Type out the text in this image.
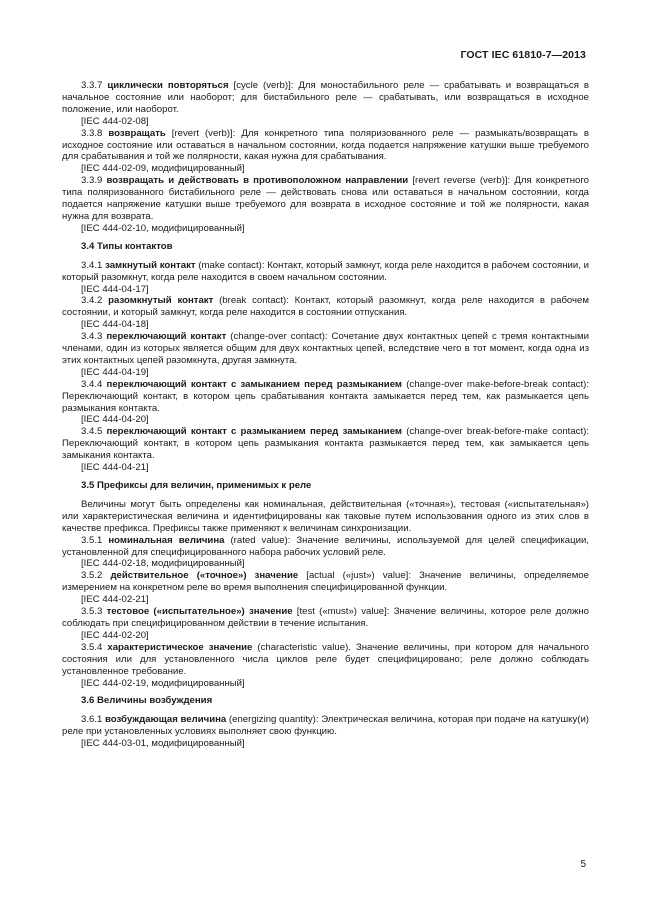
ГОСТ IEC 61810-7—2013

3.3.7 циклически повторяться [cycle (verb)]: Для моностабильного реле — срабатывать и возвращаться в начальное состояние или наоборот; для бистабильного реле — срабатывать, или возвращаться в исходное положение, или наоборот.

[IEC 444-02-08]

3.3.8 возвращать [revert (verb)]: Для конкретного типа поляризованного реле — размыкать/возвращать в исходное состояние или оставаться в начальном состоянии, когда подается напряжение катушки выше требуемого для срабатывания и той же полярности, какая нужна для срабатывания.

[IEC 444-02-09, модифицированный]

3.3.9 возвращать и действовать в противоположном направлении [revert reverse (verb)]: Для конкретного типа поляризованного бистабильного реле — действовать снова или оставаться в начальном состоянии, когда подается напряжение катушки выше требуемого для возврата в исходное состояние и той же полярности, какая нужна для возврата.

[IEC 444-02-10, модифицированный]

3.4 Типы контактов

3.4.1 замкнутый контакт (make contact): Контакт, который замкнут, когда реле находится в рабочем состоянии, и который разомкнут, когда реле находится в своем начальном состоянии.

[IEC 444-04-17]

3.4.2 разомкнутый контакт (break contact): Контакт, который разомкнут, когда реле находится в рабочем состоянии, и который замкнут, когда реле находится в состоянии отпускания.

[IEC 444-04-18]

3.4.3 переключающий контакт (change-over contact): Сочетание двух контактных цепей с тремя контактными членами, один из которых является общим для двух контактных цепей, вследствие чего в тот момент, когда одна из этих контактных цепей разомкнута, другая замкнута.

[IEC 444-04-19]

3.4.4 переключающий контакт с замыканием перед размыканием (change-over make-before-break contact): Переключающий контакт, в котором цепь срабатывания контакта замыкается перед тем, как размыкается цепь размыкания контакта.

[IEC 444-04-20]

3.4.5 переключающий контакт с размыканием перед замыканием (change-over break-before-make contact): Переключающий контакт, в котором цепь размыкания контакта размыкается перед тем, как замыкается цепь замыкания контакта.

[IEC 444-04-21]

3.5 Префиксы для величин, применимых к реле

Величины могут быть определены как номинальная, действительная («точная»), тестовая («испытательная») или характеристическая величина и идентифицированы как таковые путем использования одного из этих слов в качестве префикса. Префиксы также применяют к величинам синхронизации.

3.5.1 номинальная величина (rated value): Значение величины, используемой для целей спецификации, установленной для специфицированного набора рабочих условий реле.

[IEC 444-02-18, модифицированный]

3.5.2 действительное («точное») значение [actual («just») value]: Значение величины, определяемое измерением на конкретном реле во время выполнения специфицированной функции.

[IEC 444-02-21]

3.5.3 тестовое («испытательное») значение [test («must») value]: Значение величины, которое реле должно соблюдать при специфицированном действии в течение испытания.

[IEC 444-02-20]

3.5.4 характеристическое значение (characteristic value). Значение величины, при котором для начального состояния или для установленного числа циклов реле будет специфицировано; реле должно соблюдать установленное требование.

[IEC 444-02-19, модифицированный]

3.6 Величины возбуждения

3.6.1 возбуждающая величина (energizing quantity): Электрическая величина, которая при подаче на катушку(и) реле при установленных условиях выполняет свою функцию.

[IEC 444-03-01, модифицированный]

5
